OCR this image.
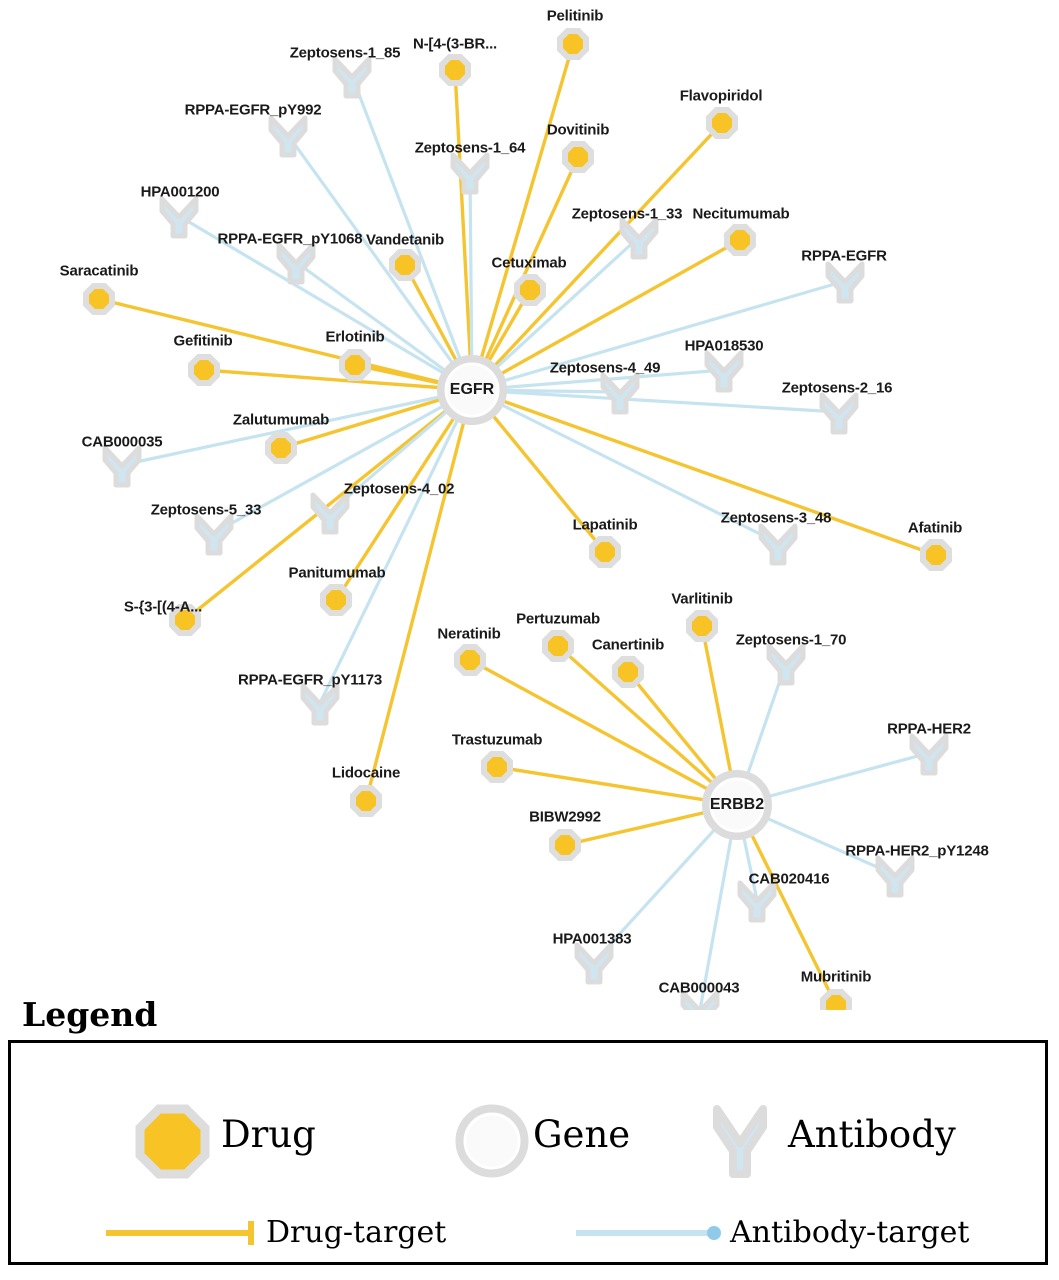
Pelitinib
N-[4-(3-BR...
Flavopiridol
Dovitinib
Necitumumab
Vandetanib
Cetuximab
Saracatinib
Erlotinib
Gefitinib
Zalutumumab
Afatinib
Lapatinib
Varlitinib
Panitumumab
S-{3-[(4-A...
Pertuzumab
Neratinib
Canertinib
Trastuzumab
Lidocaine
BIBW2992
Mubritinib
Zeptosens-1_85
RPPA-EGFR_pY992
Zeptosens-1_64
HPA001200
Zeptosens-1_33
RPPA-EGFR_pY1068
RPPA-EGFR
HPA018530
Zeptosens-4_49
Zeptosens-2_16
CAB000035
Zeptosens-5_33
Zeptosens-4_02
Zeptosens-3_48
Zeptosens-1_70
RPPA-EGFR_pY1173
RPPA-HER2
RPPA-HER2_pY1248
CAB020416
HPA001383
CAB000043
EGFR
ERBB2
Legend
Drug	Gene	Antibody
Drug-target	Antibody-target
